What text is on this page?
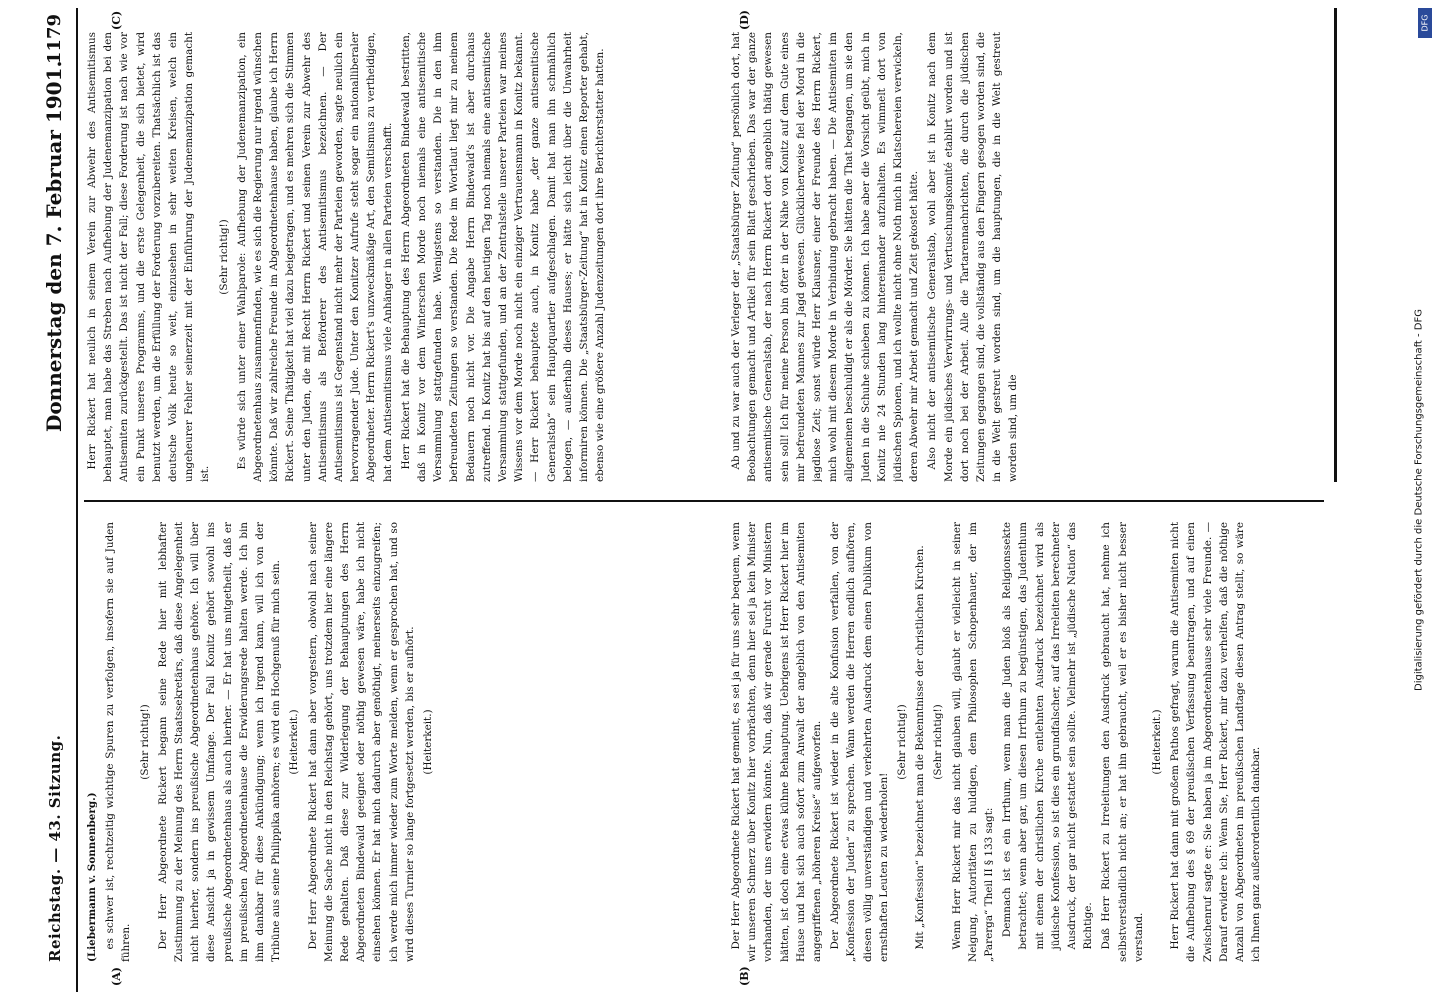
Reichstag. — 43. Sitzung.
Donnerstag den 7. Februar 1901.
1179
(A)	(B)
(C)	(D)

(Liebermann v. Sonnenberg.) es schwer ist, rechtzeitig wichtige Spuren zu verfolgen, insofern sie auf Juden führen.

(Sehr richtig!) Der Herr Abgeordnete Rickert begann seine Rede hier mit lebhafter Zustimmung zu der Meinung des Herrn Staatssekretärs, daß diese Angelegenheit nicht hierher, sondern ins preußische Abgeordnetenhaus gehöre. Ich will über diese Ansicht ja in gewissem Umfange. Der Fall Konitz gehört sowohl ins preußische Abgeordnetenhaus als auch hierher. — Er hat uns mitgetheilt, daß er im preußischen Abgeordnetenhause die Erwiderungsrede halten werde. Ich bin ihm dankbar für diese Ankündigung; wenn ich irgend kann, will ich von der Tribüne aus seine Philippika anhören; es wird ein Hochgenuß für mich sein. (Heiterkeit.) Der Herr Abgeordnete Rickert hat dann aber vorgestern, obwohl nach seiner Meinung die Sache nicht in den Reichstag gehört, uns trotzdem hier eine längere Rede gehalten. Daß diese zur Widerlegung der Behauptungen des Herrn Abgeordneten Bindewald geeignet oder nöthig gewesen wäre, habe ich nicht einsehen können. Er hat mich dadurch aber genöthigt, meinerseits einzugreifen; ich werde mich immer wieder zum Worte melden, wenn er gesprochen hat, und so wird dieses Turnier so lange fortgesetzt werden, bis er aufhört. (Heiterkeit.)	Der Herr Abgeordnete Rickert hat gemeint, es sei ja für uns sehr bequem, wenn wir unseren Schmerz über Konitz hier vorbrächten, denn hier sei ja kein Minister vorhanden, der uns erwidern könnte. Nun, daß wir gerade Furcht vor Ministern hätten, ist doch eine etwas kühne Behauptung. Uebrigens ist Herr Rickert hier im Hause und hat sich auch sofort zum Anwalt der angeblich von den Antisemiten angegriffenen „höheren Kreise“ aufgeworfen. Der Abgeordnete Rickert ist wieder in die alte Konfusion verfallen, von der „Konfession der Juden“ zu sprechen. Wann werden die Herren endlich aufhören, diesen völlig unverständigen und verkehrten Ausdruck dem einen Publikum von ernsthaften Leuten zu wiederholen!

(Sehr richtig!) Mit „Konfession“ bezeichnet man die Bekenntnisse der christlichen Kirchen. (Sehr richtig!) Wenn Herr Rickert mir das nicht glauben will, glaubt er vielleicht in seiner Neigung, Autoritäten zu huldigen, dem Philosophen Schopenhauer, der im „Parerga“ Theil II § 133 sagt: Demnach ist es ein Irrthum, wenn man die Juden bloß als Religionssekte betrachtet; wenn aber gar, um diesen Irrthum zu begünstigen, das Judenthum mit einem der christlichen Kirche entlehnten Ausdruck bezeichnet wird als jüdische Konfession, so ist dies ein grundfalscher, auf das Irreleiten berechneter Ausdruck, der gar nicht gestattet sein sollte. Vielmehr ist „jüdische Nation“ das Richtige. Daß Herr Rickert zu Irreleitungen den Ausdruck gebraucht hat, nehme ich selbstverständlich nicht an; er hat ihn gebraucht, weil er es bisher nicht besser verstand.

(Heiterkeit.) Herr Rickert hat dann mit großem Pathos gefragt, warum die Antisemiten nicht die Aufhebung des § 69 der preußischen Verfassung beantragen, und auf einen Zwischenruf sagte er: Sie haben ja im Abgeordnetenhause sehr viele Freunde. — Darauf erwidere ich: Wenn Sie, Herr Rickert, mir dazu verhelfen, daß die nöthige Anzahl von Abgeordneten im preußischen Landtage diesen Antrag stellt, so wäre ich Ihnen ganz außerordentlich dankbar.

Herr Rickert hat neulich in seinem Verein zur Abwehr des Antisemitismus behauptet, man habe das Streben nach Aufhebung der Judenemanzipation bei den Antisemiten zurückgestellt. Das ist nicht der Fall; diese Forderung ist nach wie vor ein Punkt unseres Programms, und die erste Gelegenheit, die sich bietet, wird benutzt werden, um die Erfüllung der Forderung vorzubereiten. Thatsächlich ist das deutsche Volk heute so weit, einzusehen in sehr weiten Kreisen, welch ein ungeheurer Fehler seinerzeit mit der Einführung der Judenemanzipation gemacht ist.

(Sehr richtig!) Es würde sich unter einer Wahlparole: Aufhebung der Judenemanzipation, ein Abgeordnetenhaus zusammenfinden, wie es sich die Regierung nur irgend wünschen könnte. Daß wir zahlreiche Freunde im Abgeordnetenhause haben, glaube ich Herrn Rickert. Seine Thätigkeit hat viel dazu beigetragen, und es mehren sich die Stimmen unter den Juden, die mit Recht Herrn Rickert und seinen Verein zur Abwehr des Antisemitismus als Beförderer des Antisemitismus bezeichnen. — Der Antisemitismus ist Gegenstand nicht mehr der Parteien geworden, sagte neulich ein hervorragender Jude. Unter den Konitzer Aufrufe steht sogar ein nationalliberaler Abgeordneter. Herrn Rickert's unzweckmäßige Art, den Semitismus zu vertheidigen, hat dem Antisemitismus viele Anhänger in allen Parteien verschafft. Herr Rickert hat die Behauptung des Herrn Abgeordneten Bindewald bestritten, daß in Konitz vor dem Winterschen Morde noch niemals eine antisemitische Versammlung stattgefunden habe. Wenigstens so verstanden. Die in den ihm befreundeten Zeitungen so verstanden. Die Rede im Wortlaut liegt mir zu meinem Bedauern noch nicht vor. Die Angabe Herrn Bindewald's ist aber durchaus zutreffend. In Konitz hat bis auf den heutigen Tag noch niemals eine antisemitische Versammlung stattgefunden, und an der Zentralstelle unserer Parteien war meines Wissens vor dem Morde noch nicht ein einziger Vertrauensmann in Konitz bekannt. — Herr Rickert behauptete auch, in Konitz habe „der ganze antisemitische Generalstab“ sein Hauptquartier aufgeschlagen. Damit hat man ihn schmählich belogen, — außerhalb dieses Hauses; er hätte sich leicht über die Unwahrheit informiren können. Die „Staatsbürger-Zeitung“ hat in Konitz einen Reporter gehabt, ebenso wie eine größere Anzahl Judenzeitungen dort ihre Berichterstatter hatten.	Ab und zu war auch der Verleger der „Staatsbürger Zeitung“ persönlich dort, hat Beobachtungen gemacht und Artikel für sein Blatt geschrieben. Das war der ganze antisemitische Generalstab, der nach Herrn Rickert dort angeblich thätig gewesen sein soll! Ich für meine Person bin öfter in der Nähe von Konitz auf dem Gute eines mir befreundeten Mannes zur Jagd gewesen. Glücklicherweise fiel der Mord in die jagdlose Zeit; sonst würde Herr Klausner, einer der Freunde des Herrn Rickert, mich wohl mit diesem Morde in Verbindung gebracht haben. — Die Antisemiten im allgemeinen beschuldigt er als die Mörder. Sie hätten die That begangen, um sie den Juden in die Schuhe schieben zu können. Ich habe aber die Vorsicht geübt, mich in Konitz nie 24 Stunden lang hintereinander aufzuhalten. Es wimmelt dort von jüdischen Spionen, und ich wollte nicht ohne Noth mich in Klatschereien verwickeln, deren Abwehr mir Arbeit gemacht und Zeit gekostet hätte. Also nicht der antisemitische Generalstab, wohl aber ist in Konitz nach dem Morde ein jüdisches Verwirrungs- und Vertuschungskomité etablirt worden und ist dort noch bei der Arbeit. Alle die Tartarennachrichten, die durch die jüdischen Zeitungen gegangen sind, die vollständig aus den Fingern gesogen worden sind, die in die Welt gestreut worden sind, um die hauptungen, die in die Welt gestreut worden sind, um die	Digitalisierung gefördert durch die Deutsche Forschungsgemeinschaft - DFG
DFG
